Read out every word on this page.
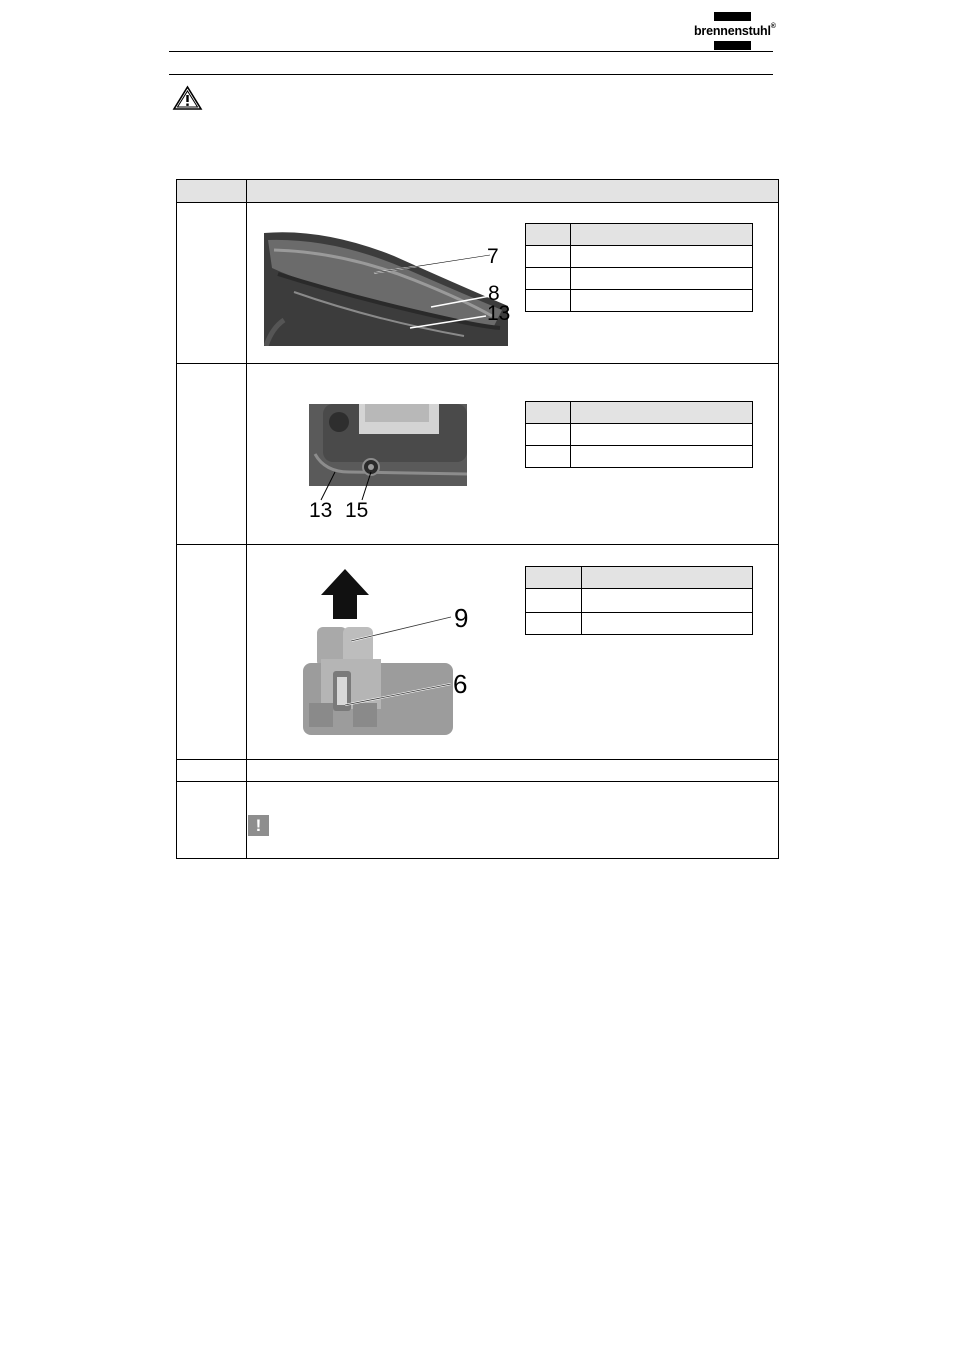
brennenstuhl®
7
8
13
13 15
9
6
!
